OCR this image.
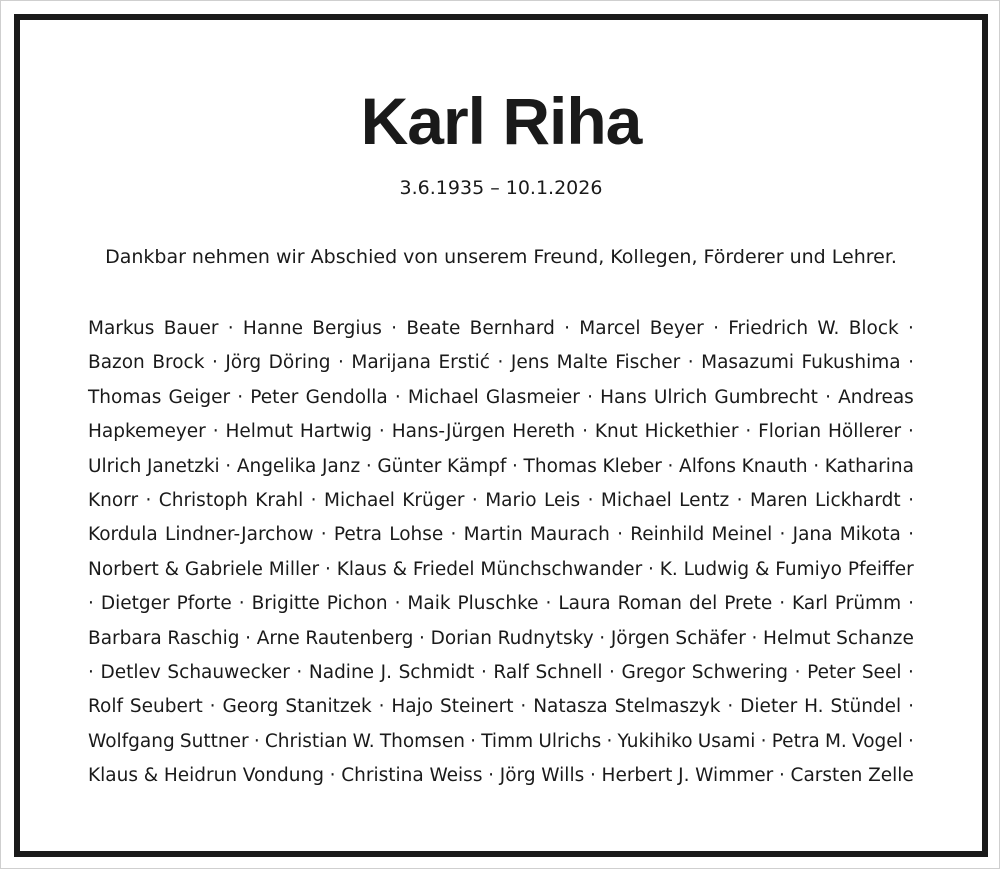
Karl Riha
3.6.1935 – 10.1.2026
Dankbar nehmen wir Abschied von unserem Freund, Kollegen, Förderer und Lehrer.
Markus Bauer · Hanne Bergius · Beate Bernhard · Marcel Beyer · Friedrich W. Block ·
Bazon Brock · Jörg Döring · Marijana Erstić · Jens Malte Fischer · Masazumi Fukushima ·
Thomas Geiger · Peter Gendolla · Michael Glasmeier · Hans Ulrich Gumbrecht · Andreas
Hapkemeyer · Helmut Hartwig · Hans-Jürgen Hereth · Knut Hickethier · Florian Höllerer ·
Ulrich Janetzki · Angelika Janz · Günter Kämpf · Thomas Kleber · Alfons Knauth · Katharina
Knorr · Christoph Krahl · Michael Krüger · Mario Leis · Michael Lentz · Maren Lickhardt ·
Kordula Lindner-Jarchow · Petra Lohse · Martin Maurach · Reinhild Meinel · Jana Mikota ·
Norbert & Gabriele Miller · Klaus & Friedel Münchschwander · K. Ludwig & Fumiyo Pfeiffer
· Dietger Pforte · Brigitte Pichon · Maik Pluschke · Laura Roman del Prete · Karl Prümm ·
Barbara Raschig · Arne Rautenberg · Dorian Rudnytsky · Jörgen Schäfer · Helmut Schanze
· Detlev Schauwecker · Nadine J. Schmidt · Ralf Schnell · Gregor Schwering · Peter Seel ·
Rolf Seubert · Georg Stanitzek · Hajo Steinert · Natasza Stelmaszyk · Dieter H. Stündel ·
Wolfgang Suttner · Christian W. Thomsen · Timm Ulrichs · Yukihiko Usami · Petra M. Vogel ·
Klaus & Heidrun Vondung · Christina Weiss · Jörg Wills · Herbert J. Wimmer · Carsten Zelle
